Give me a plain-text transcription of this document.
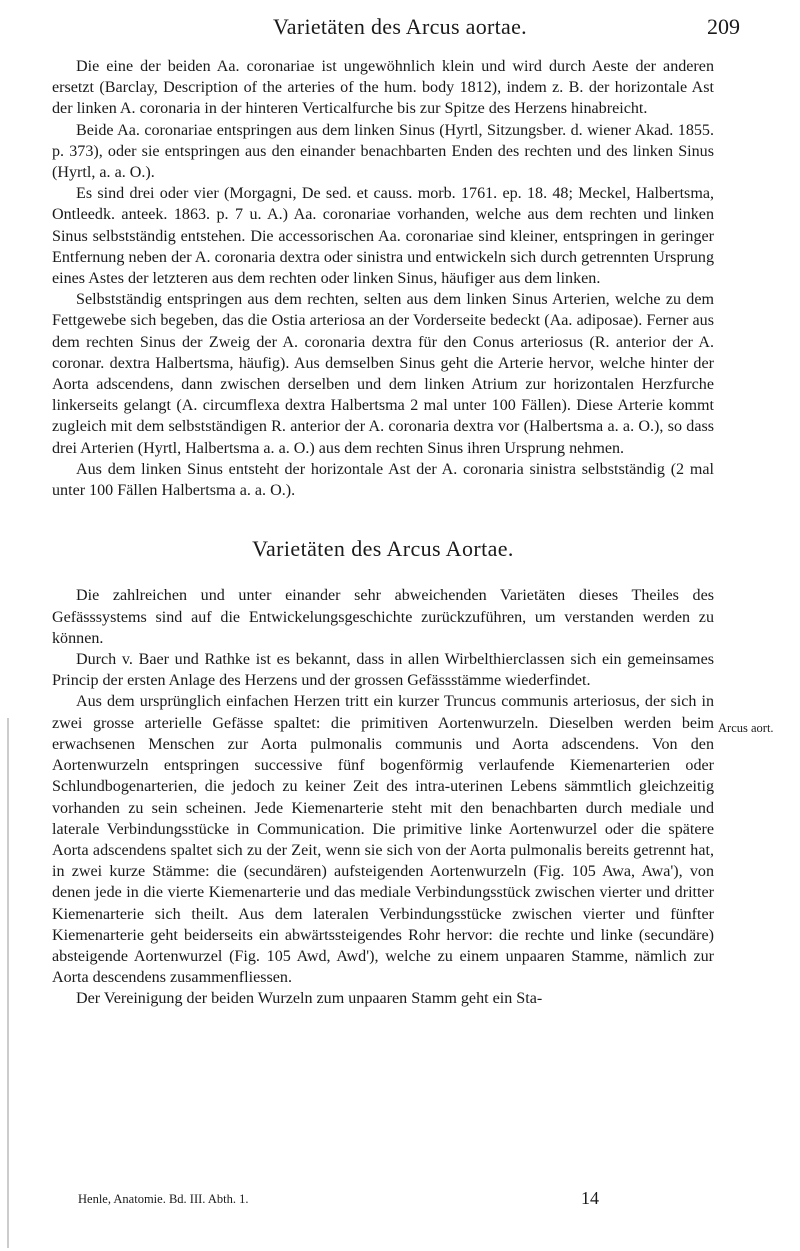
Varietäten des Arcus aortae.	209

Die eine der beiden Aa. coronariae ist ungewöhnlich klein und wird durch Aeste der anderen ersetzt (Barclay, Description of the arteries of the hum. body 1812), indem z. B. der horizontale Ast der linken A. coronaria in der hinteren Verticalfurche bis zur Spitze des Herzens hinabreicht.

Beide Aa. coronariae entspringen aus dem linken Sinus (Hyrtl, Sitzungsber. d. wiener Akad. 1855. p. 373), oder sie entspringen aus den einander benachbarten Enden des rechten und des linken Sinus (Hyrtl, a. a. O.).

Es sind drei oder vier (Morgagni, De sed. et causs. morb. 1761. ep. 18. 48; Meckel, Halbertsma, Ontleedk. anteek. 1863. p. 7 u. A.) Aa. coronariae vorhanden, welche aus dem rechten und linken Sinus selbstständig entstehen. Die accessorischen Aa. coronariae sind kleiner, entspringen in geringer Entfernung neben der A. coronaria dextra oder sinistra und entwickeln sich durch getrennten Ursprung eines Astes der letzteren aus dem rechten oder linken Sinus, häufiger aus dem linken.

Selbstständig entspringen aus dem rechten, selten aus dem linken Sinus Arterien, welche zu dem Fettgewebe sich begeben, das die Ostia arteriosa an der Vorderseite bedeckt (Aa. adiposae). Ferner aus dem rechten Sinus der Zweig der A. coronaria dextra für den Conus arteriosus (R. anterior der A. coronar. dextra Halbertsma, häufig). Aus demselben Sinus geht die Arterie hervor, welche hinter der Aorta adscendens, dann zwischen derselben und dem linken Atrium zur horizontalen Herzfurche linkerseits gelangt (A. circumflexa dextra Halbertsma 2 mal unter 100 Fällen). Diese Arterie kommt zugleich mit dem selbstständigen R. anterior der A. coronaria dextra vor (Halbertsma a. a. O.), so dass drei Arterien (Hyrtl, Halbertsma a. a. O.) aus dem rechten Sinus ihren Ursprung nehmen.

Aus dem linken Sinus entsteht der horizontale Ast der A. coronaria sinistra selbstständig (2 mal unter 100 Fällen Halbertsma a. a. O.).

Varietäten des Arcus Aortae.

Die zahlreichen und unter einander sehr abweichenden Varietäten dieses Theiles des Gefässsystems sind auf die Entwickelungsgeschichte zurückzuführen, um verstanden werden zu können.

Durch v. Baer und Rathke ist es bekannt, dass in allen Wirbelthierclassen sich ein gemeinsames Princip der ersten Anlage des Herzens und der grossen Gefässstämme wiederfindet.

Aus dem ursprünglich einfachen Herzen tritt ein kurzer Truncus communis arteriosus, der sich in zwei grosse arterielle Gefässe spaltet: die primitiven Aortenwurzeln. Dieselben werden beim erwachsenen Menschen zur Aorta pulmonalis communis und Aorta adscendens. Von den Aortenwurzeln entspringen successive fünf bogenförmig verlaufende Kiemenarterien oder Schlundbogenarterien, die jedoch zu keiner Zeit des intra-uterinen Lebens sämmtlich gleichzeitig vorhanden zu sein scheinen. Jede Kiemenarterie steht mit den benachbarten durch mediale und laterale Verbindungsstücke in Communication. Die primitive linke Aortenwurzel oder die spätere Aorta adscendens spaltet sich zu der Zeit, wenn sie sich von der Aorta pulmonalis bereits getrennt hat, in zwei kurze Stämme: die (secundären) aufsteigenden Aortenwurzeln (Fig. 105 Awa, Awa'), von denen jede in die vierte Kiemenarterie und das mediale Verbindungsstück zwischen vierter und dritter Kiemenarterie sich theilt. Aus dem lateralen Verbindungsstücke zwischen vierter und fünfter Kiemenarterie geht beiderseits ein abwärtssteigendes Rohr hervor: die rechte und linke (secundäre) absteigende Aortenwurzel (Fig. 105 Awd, Awd'), welche zu einem unpaaren Stamme, nämlich zur Aorta descendens zusammenfliessen.

Der Vereinigung der beiden Wurzeln zum unpaaren Stamm geht ein Sta-

Arcus aort.
Henle, Anatomie. Bd. III. Abth. 1.	14
